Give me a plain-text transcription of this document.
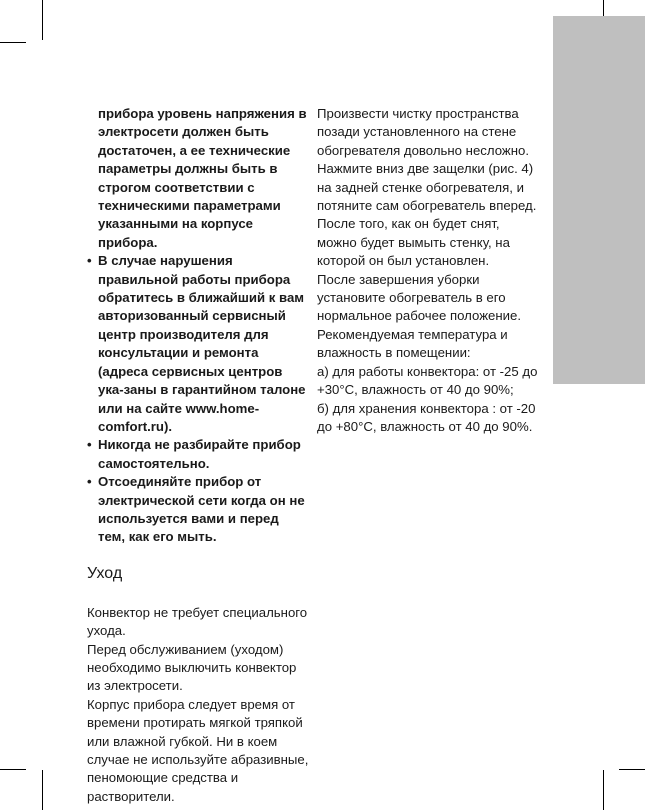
прибора уровень напряжения в электросети должен быть достаточен, а ее технические параметры должны быть в строгом соответствии с техническими параметрами указанными на корпусе прибора.

• В случае нарушения правильной работы прибора обратитесь в ближайший к вам авторизованный сервисный центр производителя для консультации и ремонта (адреса сервисных центров ука-заны в гарантийном талоне или на сайте www.home-comfort.ru).
• Никогда не разбирайте прибор самостоятельно.
• Отсоединяйте прибор от электрической сети когда он не используется вами и перед тем, как его мыть.
Уход

Конвектор не требует специального ухода.

Перед обслуживанием (уходом) необходимо выключить конвектор из электросети.

Корпус прибора следует время от времени протирать мягкой тряпкой или влажной губкой. Ни в коем случае не используйте абразивные, пеномоющие средства и растворители.

Произвести чистку пространства позади установленного на стене обогревателя довольно несложно. Нажмите вниз две защелки (рис. 4) на задней стенке обогревателя, и потяните сам обогреватель вперед. После того, как он будет снят, можно будет вымыть стенку, на которой он был установлен.

После завершения уборки установите обогреватель в его нормальное рабочее положение.

Рекомендуемая температура и влажность в помещении:

а) для работы конвектора: от -25 до +30°С, влажность от 40 до 90%;

б) для хранения конвектора : от -20 до +80°С, влажность от 40 до 90%.
